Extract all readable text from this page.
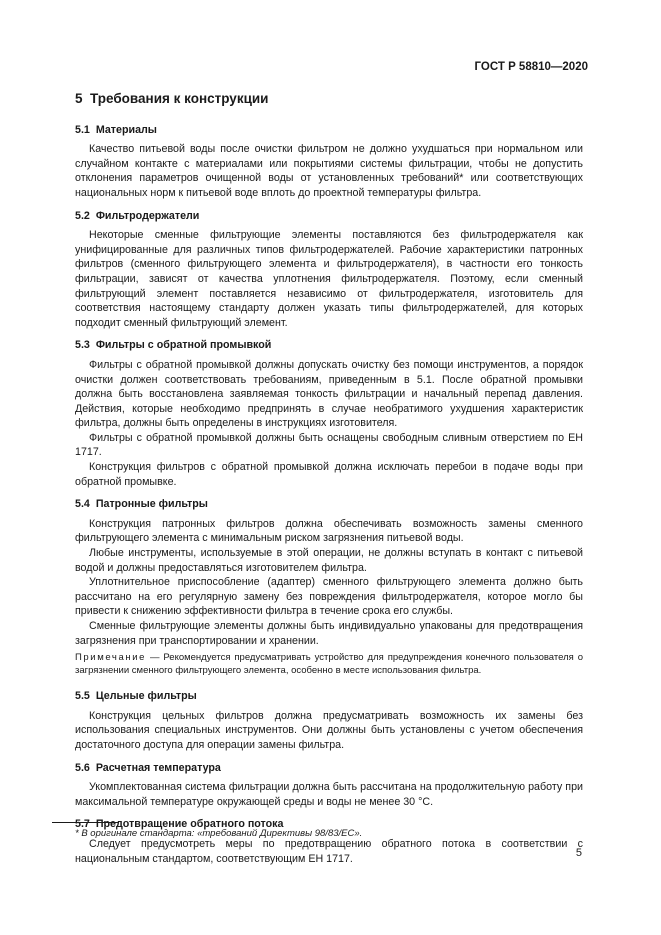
ГОСТ Р 58810—2020
5 Требования к конструкции
5.1 Материалы

Качество питьевой воды после очистки фильтром не должно ухудшаться при нормальном или случайном контакте с материалами или покрытиями системы фильтрации, чтобы не допустить отклонения параметров очищенной воды от установленных требований* или соответствующих национальных норм к питьевой воде вплоть до проектной температуры фильтра.

5.2 Фильтродержатели

Некоторые сменные фильтрующие элементы поставляются без фильтродержателя как унифицированные для различных типов фильтродержателей. Рабочие характеристики патронных фильтров (сменного фильтрующего элемента и фильтродержателя), в частности его тонкость фильтрации, зависят от качества уплотнения фильтродержателя. Поэтому, если сменный фильтрующий элемент поставляется независимо от фильтродержателя, изготовитель для соответствия настоящему стандарту должен указать типы фильтродержателей, для которых подходит сменный фильтрующий элемент.

5.3 Фильтры с обратной промывкой

Фильтры с обратной промывкой должны допускать очистку без помощи инструментов, а порядок очистки должен соответствовать требованиям, приведенным в 5.1. После обратной промывки должна быть восстановлена заявляемая тонкость фильтрации и начальный перепад давления. Действия, которые необходимо предпринять в случае необратимого ухудшения характеристик фильтра, должны быть определены в инструкциях изготовителя.

Фильтры с обратной промывкой должны быть оснащены свободным сливным отверстием по ЕН 1717.

Конструкция фильтров с обратной промывкой должна исключать перебои в подаче воды при обратной промывке.

5.4 Патронные фильтры

Конструкция патронных фильтров должна обеспечивать возможность замены сменного фильтрующего элемента с минимальным риском загрязнения питьевой воды.

Любые инструменты, используемые в этой операции, не должны вступать в контакт с питьевой водой и должны предоставляться изготовителем фильтра.

Уплотнительное приспособление (адаптер) сменного фильтрующего элемента должно быть рассчитано на его регулярную замену без повреждения фильтродержателя, которое могло бы привести к снижению эффективности фильтра в течение срока его службы.

Сменные фильтрующие элементы должны быть индивидуально упакованы для предотвращения загрязнения при транспортировании и хранении.

Примечание — Рекомендуется предусматривать устройство для предупреждения конечного пользователя о загрязнении сменного фильтрующего элемента, особенно в месте использования фильтра.
5.5 Цельные фильтры

Конструкция цельных фильтров должна предусматривать возможность их замены без использования специальных инструментов. Они должны быть установлены с учетом обеспечения достаточного доступа для операции замены фильтра.

5.6 Расчетная температура

Укомплектованная система фильтрации должна быть рассчитана на продолжительную работу при максимальной температуре окружающей среды и воды не менее 30 °С.

5.7 Предотвращение обратного потока

Следует предусмотреть меры по предотвращению обратного потока в соответствии с национальным стандартом, соответствующим ЕН 1717.

* В оригинале стандарта: «требований Директивы 98/83/ЕС».
5
